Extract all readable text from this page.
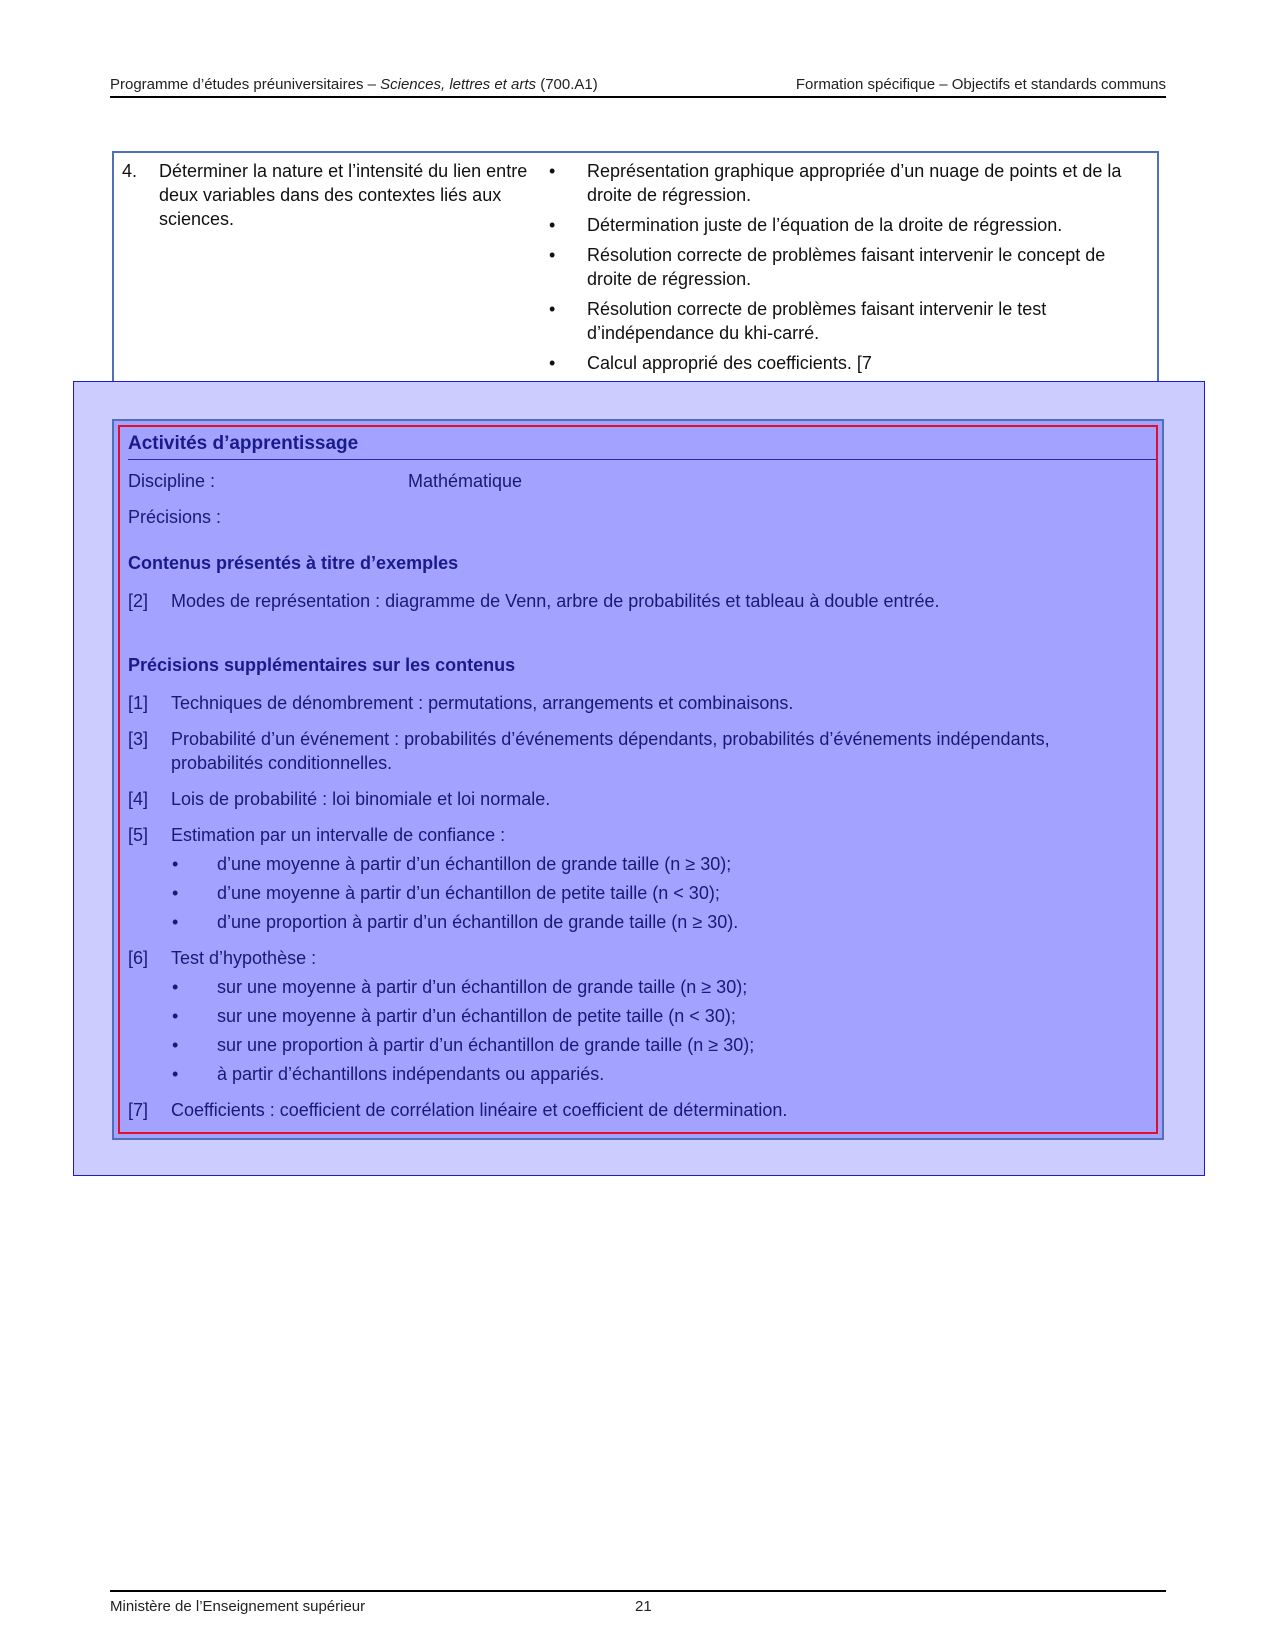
Programme d’études préuniversitaires – Sciences, lettres et arts (700.A1)	Formation spécifique – Objectifs et standards communs
4.	Déterminer la nature et l’intensité du lien entre deux variables dans des contextes liés aux sciences.
•	Représentation graphique appropriée d’un nuage de points et de la droite de régression.
•	Détermination juste de l’équation de la droite de régression.
•	Résolution correcte de problèmes faisant intervenir le concept de droite de régression.
•	Résolution correcte de problèmes faisant intervenir le test d’indépendance du khi-carré.
•	Calcul approprié des coefficients. [7
Activités d’apprentissage
Discipline :	Mathématique
Précisions :
Contenus présentés à titre d’exemples
[2]	Modes de représentation : diagramme de Venn, arbre de probabilités et tableau à double entrée.
Précisions supplémentaires sur les contenus
[1]	Techniques de dénombrement : permutations, arrangements et combinaisons.
[3]	Probabilité d’un événement : probabilités d’événements dépendants, probabilités d’événements indépendants, probabilités conditionnelles.
[4]	Lois de probabilité : loi binomiale et loi normale.
[5]	Estimation par un intervalle de confiance :
•	d’une moyenne à partir d’un échantillon de grande taille (n ≥ 30);
•	d’une moyenne à partir d’un échantillon de petite taille (n < 30);
•	d’une proportion à partir d’un échantillon de grande taille (n ≥ 30).
[6]	Test d’hypothèse :
•	sur une moyenne à partir d’un échantillon de grande taille (n ≥ 30);
•	sur une moyenne à partir d’un échantillon de petite taille (n < 30);
•	sur une proportion à partir d’un échantillon de grande taille (n ≥ 30);
•	à partir d’échantillons indépendants ou appariés.
[7]	Coefficients : coefficient de corrélation linéaire et coefficient de détermination.
Ministère de l’Enseignement supérieur	21
